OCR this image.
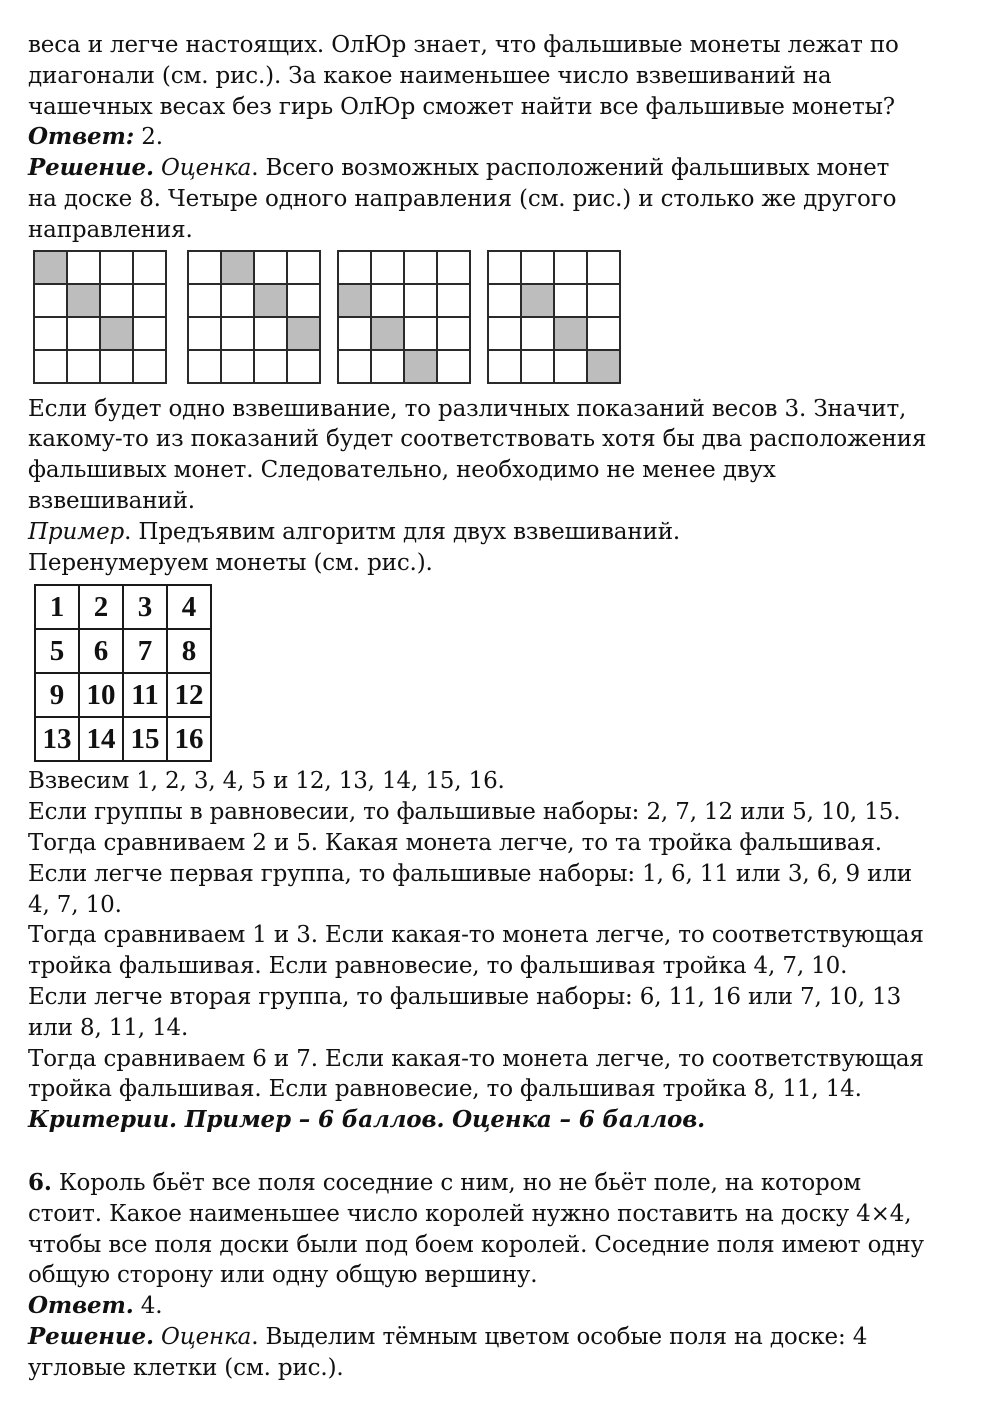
веса и легче настоящих. ОлЮр знает, что фальшивые монеты лежат по
диагонали (см. рис.). За какое наименьшее число взвешиваний на
чашечных весах без гирь ОлЮр сможет найти все фальшивые монеты?
Ответ: 2.
Решение. Оценка. Всего возможных расположений фальшивых монет
на доске 8. Четыре одного направления (см. рис.) и столько же другого
направления.
Если будет одно взвешивание, то различных показаний весов 3. Значит,
какому-то из показаний будет соответствовать хотя бы два расположения
фальшивых монет. Следовательно, необходимо не менее двух
взвешиваний.
Пример. Предъявим алгоритм для двух взвешиваний.
Перенумеруем монеты (см. рис.).
1	2	3	4
5	6	7	8
9	10	11	12
13	14	15	16
Взвесим 1, 2, 3, 4, 5 и 12, 13, 14, 15, 16.
Если группы в равновесии, то фальшивые наборы: 2, 7, 12 или 5, 10, 15.
Тогда сравниваем 2 и 5. Какая монета легче, то та тройка фальшивая.
Если легче первая группа, то фальшивые наборы: 1, 6, 11 или 3, 6, 9 или
4, 7, 10.
Тогда сравниваем 1 и 3. Если какая-то монета легче, то соответствующая
тройка фальшивая. Если равновесие, то фальшивая тройка 4, 7, 10.
Если легче вторая группа, то фальшивые наборы: 6, 11, 16 или 7, 10, 13
или 8, 11, 14.
Тогда сравниваем 6 и 7. Если какая-то монета легче, то соответствующая
тройка фальшивая. Если равновесие, то фальшивая тройка 8, 11, 14.
Критерии. Пример – 6 баллов. Оценка – 6 баллов.
6. Король бьёт все поля соседние с ним, но не бьёт поле, на котором
стоит. Какое наименьшее число королей нужно поставить на доску 4×4,
чтобы все поля доски были под боем королей. Соседние поля имеют одну
общую сторону или одну общую вершину.
Ответ. 4.
Решение. Оценка. Выделим тёмным цветом особые поля на доске: 4
угловые клетки (см. рис.).
